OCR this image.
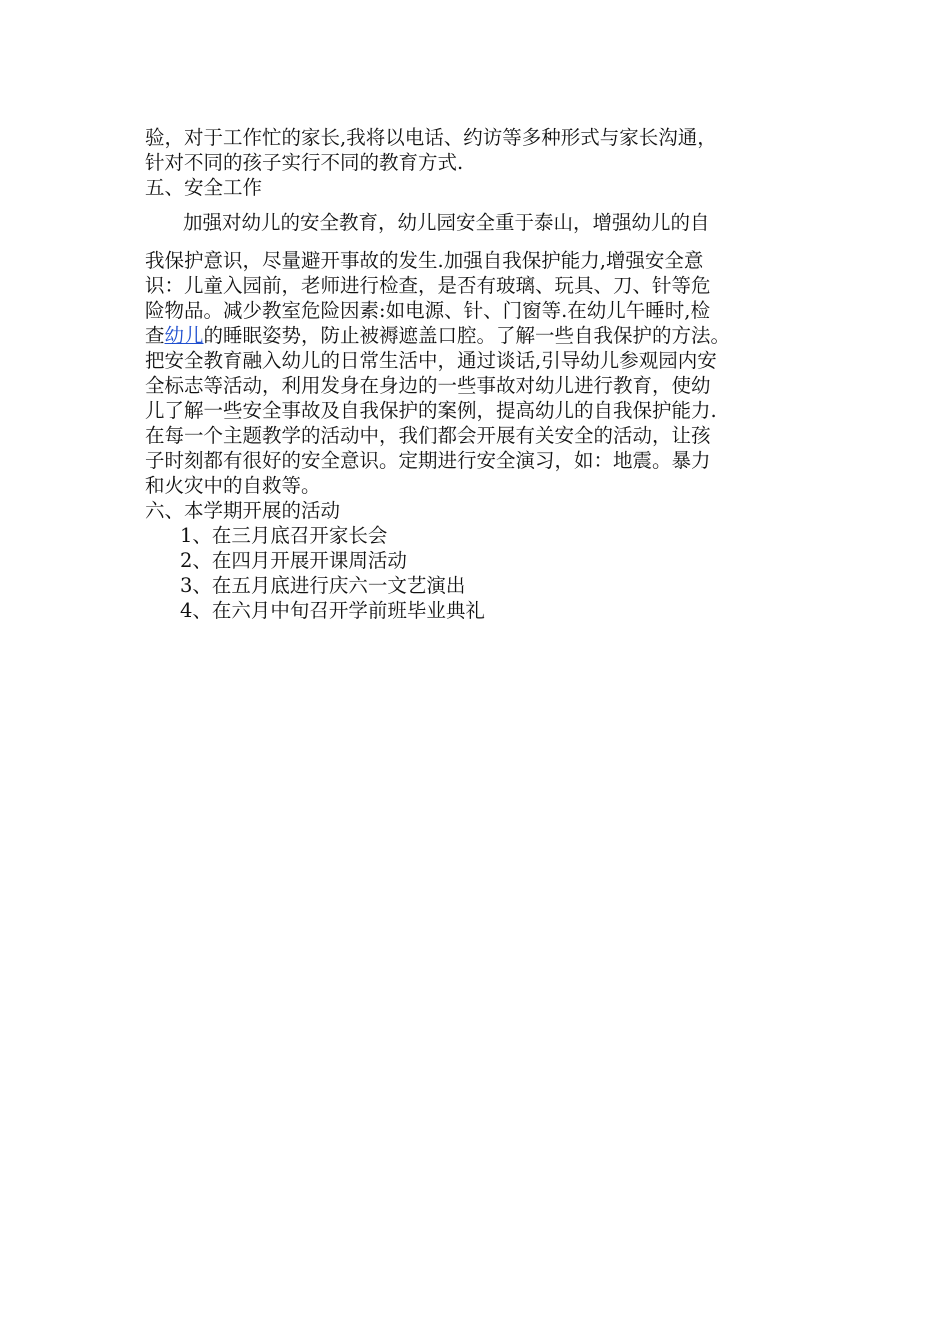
验，对于工作忙的家长,我将以电话、约访等多种形式与家长沟通，
针对不同的孩子实行不同的教育方式.
五、安全工作
加强对幼儿的安全教育，幼儿园安全重于泰山，增强幼儿的自
我保护意识，尽量避开事故的发生.加强自我保护能力,增强安全意
识：儿童入园前，老师进行检查，是否有玻璃、玩具、刀、针等危
险物品。减少教室危险因素:如电源、针、门窗等.在幼儿午睡时,检
查幼儿的睡眠姿势，防止被褥遮盖口腔。了解一些自我保护的方法。
把安全教育融入幼儿的日常生活中，通过谈话,引导幼儿参观园内安
全标志等活动，利用发身在身边的一些事故对幼儿进行教育，使幼
儿了解一些安全事故及自我保护的案例，提高幼儿的自我保护能力.
在每一个主题教学的活动中，我们都会开展有关安全的活动，让孩
子时刻都有很好的安全意识。定期进行安全演习，如：地震。暴力
和火灾中的自救等。
六、本学期开展的活动
1、在三月底召开家长会
2、在四月开展开课周活动
3、在五月底进行庆六一文艺演出
4、在六月中旬召开学前班毕业典礼
